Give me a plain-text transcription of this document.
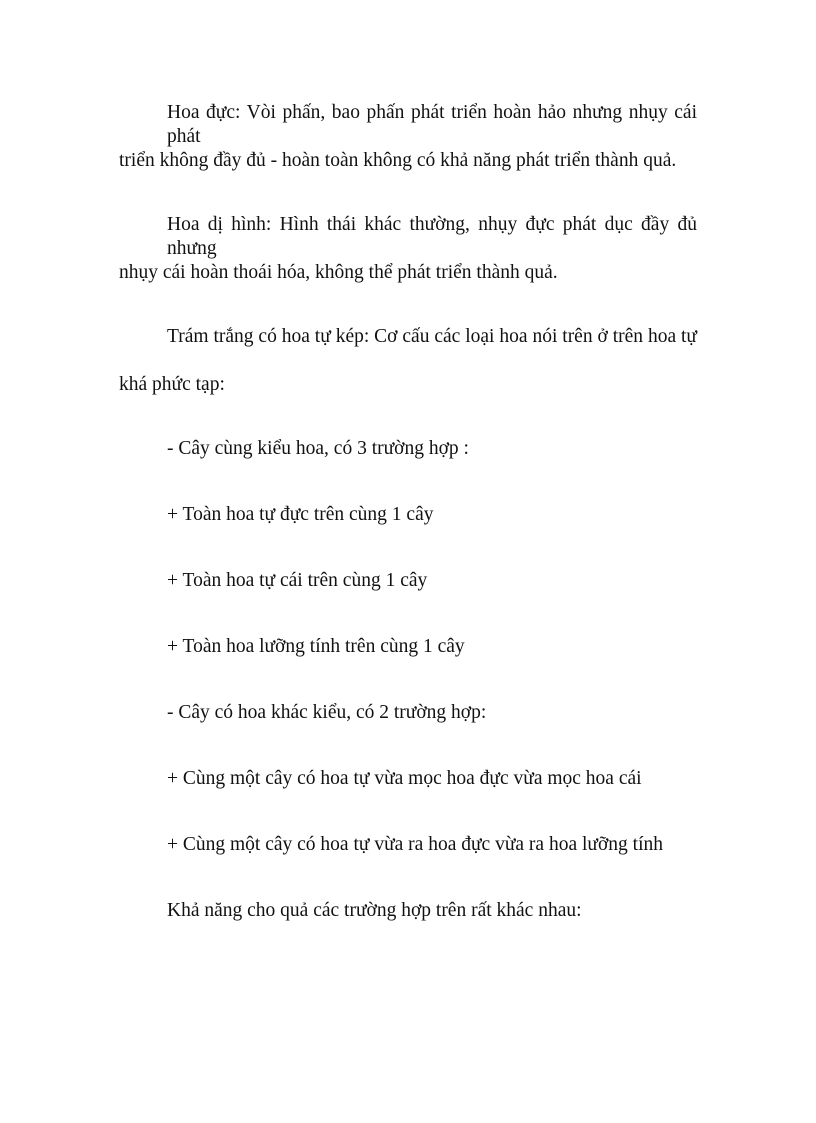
Hoa đực: Vòi phấn, bao phấn phát triển hoàn hảo nhưng nhụy cái phát

triển không đầy đủ - hoàn toàn không có khả năng phát triển thành quả.

Hoa dị hình: Hình thái khác thường, nhụy đực phát dục đầy đủ nhưng

nhụy cái hoàn thoái hóa, không thể phát triển thành quả.

Trám trắng có hoa tự kép: Cơ cấu các loại hoa nói trên ở trên hoa tự

khá phức tạp:

- Cây cùng kiểu hoa, có 3 trường hợp :

+ Toàn hoa tự đực trên cùng 1 cây

+ Toàn hoa tự cái trên cùng 1 cây

+ Toàn hoa lưỡng tính trên cùng 1 cây

- Cây có hoa khác kiểu, có 2 trường hợp:

+ Cùng một cây có hoa tự vừa mọc hoa đực vừa mọc hoa cái

+ Cùng một cây có hoa tự vừa ra hoa đực vừa ra hoa lưỡng tính

Khả năng cho quả các trường hợp trên rất khác nhau:
